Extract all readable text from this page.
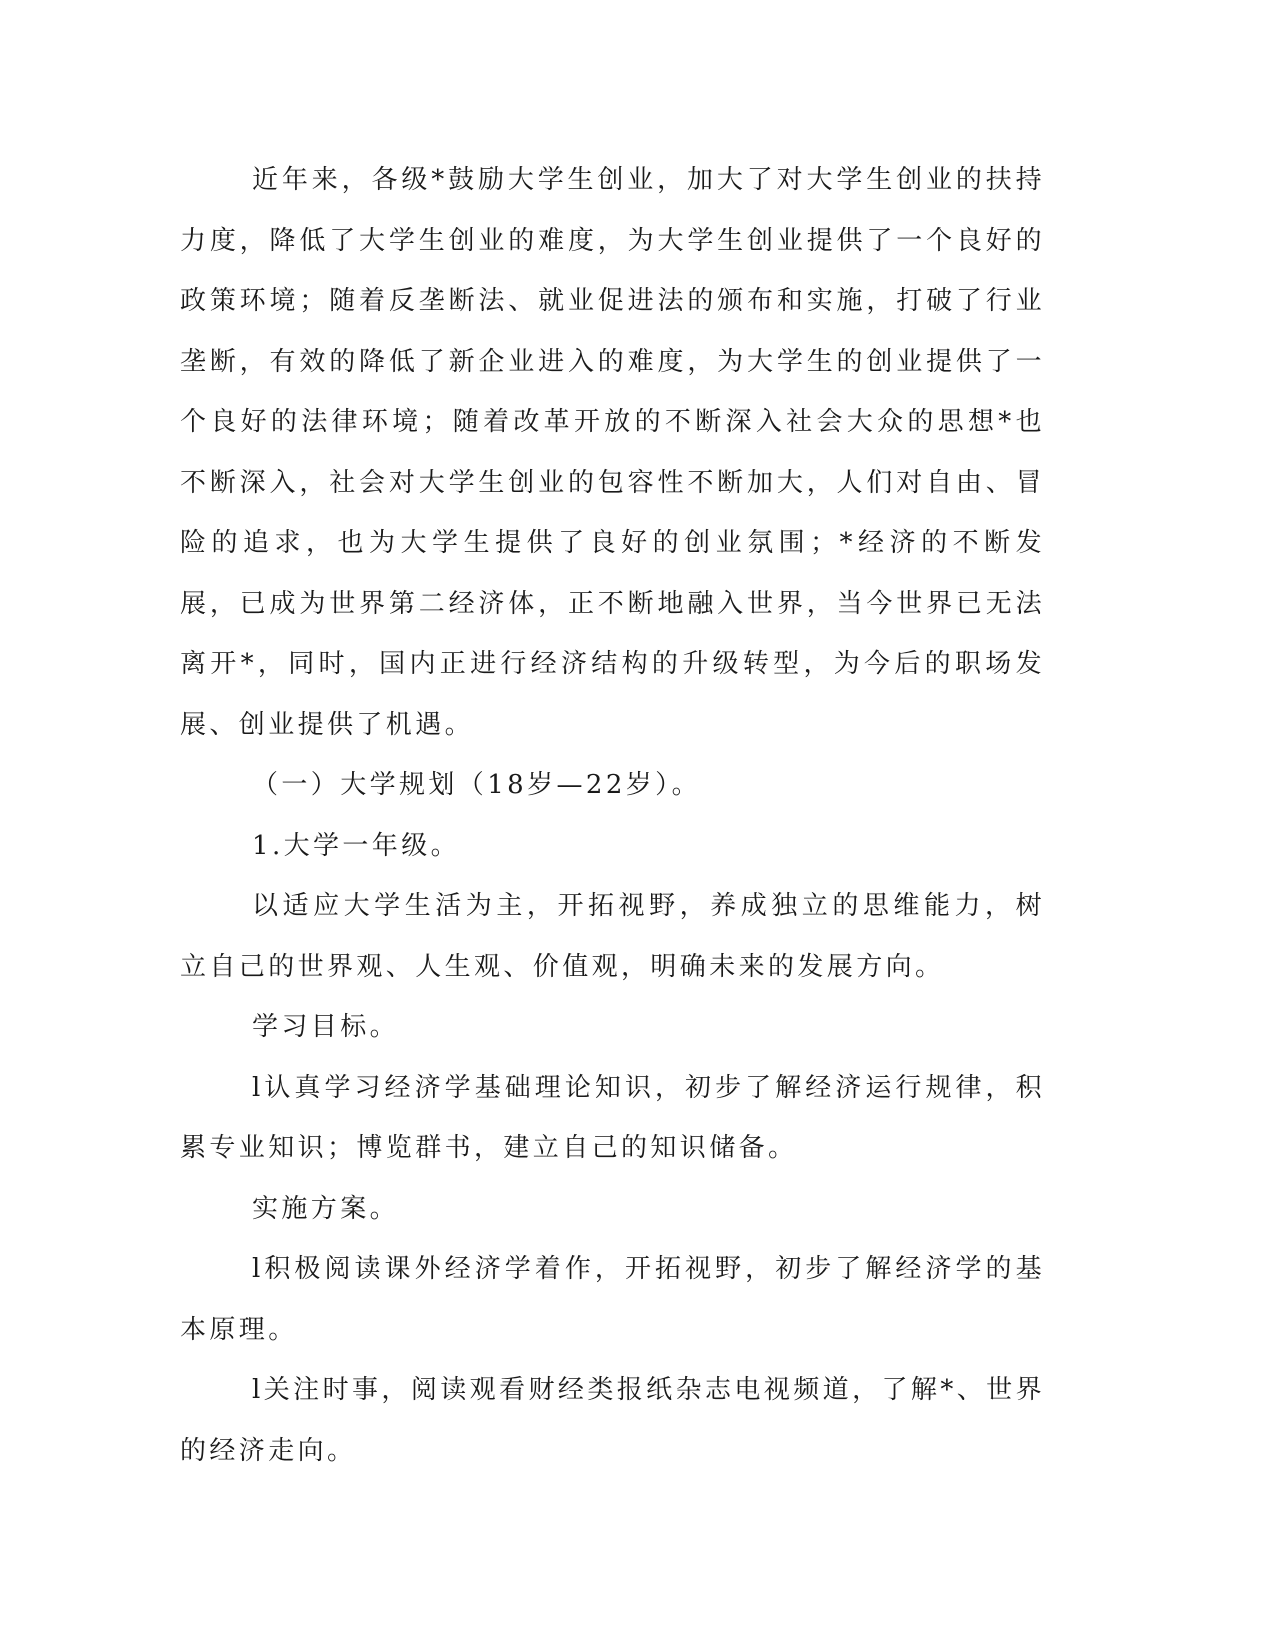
近年来，各级*鼓励大学生创业，加大了对大学生创业的扶持力度，降低了大学生创业的难度，为大学生创业提供了一个良好的政策环境；随着反垄断法、就业促进法的颁布和实施，打破了行业垄断，有效的降低了新企业进入的难度，为大学生的创业提供了一个良好的法律环境；随着改革开放的不断深入社会大众的思想*也不断深入，社会对大学生创业的包容性不断加大，人们对自由、冒险的追求，也为大学生提供了良好的创业氛围；*经济的不断发展，已成为世界第二经济体，正不断地融入世界，当今世界已无法离开*，同时，国内正进行经济结构的升级转型，为今后的职场发展、创业提供了机遇。

（一）大学规划（18岁—22岁）。

1.大学一年级。

以适应大学生活为主，开拓视野，养成独立的思维能力，树立自己的世界观、人生观、价值观，明确未来的发展方向。

学习目标。

l认真学习经济学基础理论知识，初步了解经济运行规律，积累专业知识；博览群书，建立自己的知识储备。

实施方案。

l积极阅读课外经济学着作，开拓视野，初步了解经济学的基本原理。

l关注时事，阅读观看财经类报纸杂志电视频道，了解*、世界的经济走向。
